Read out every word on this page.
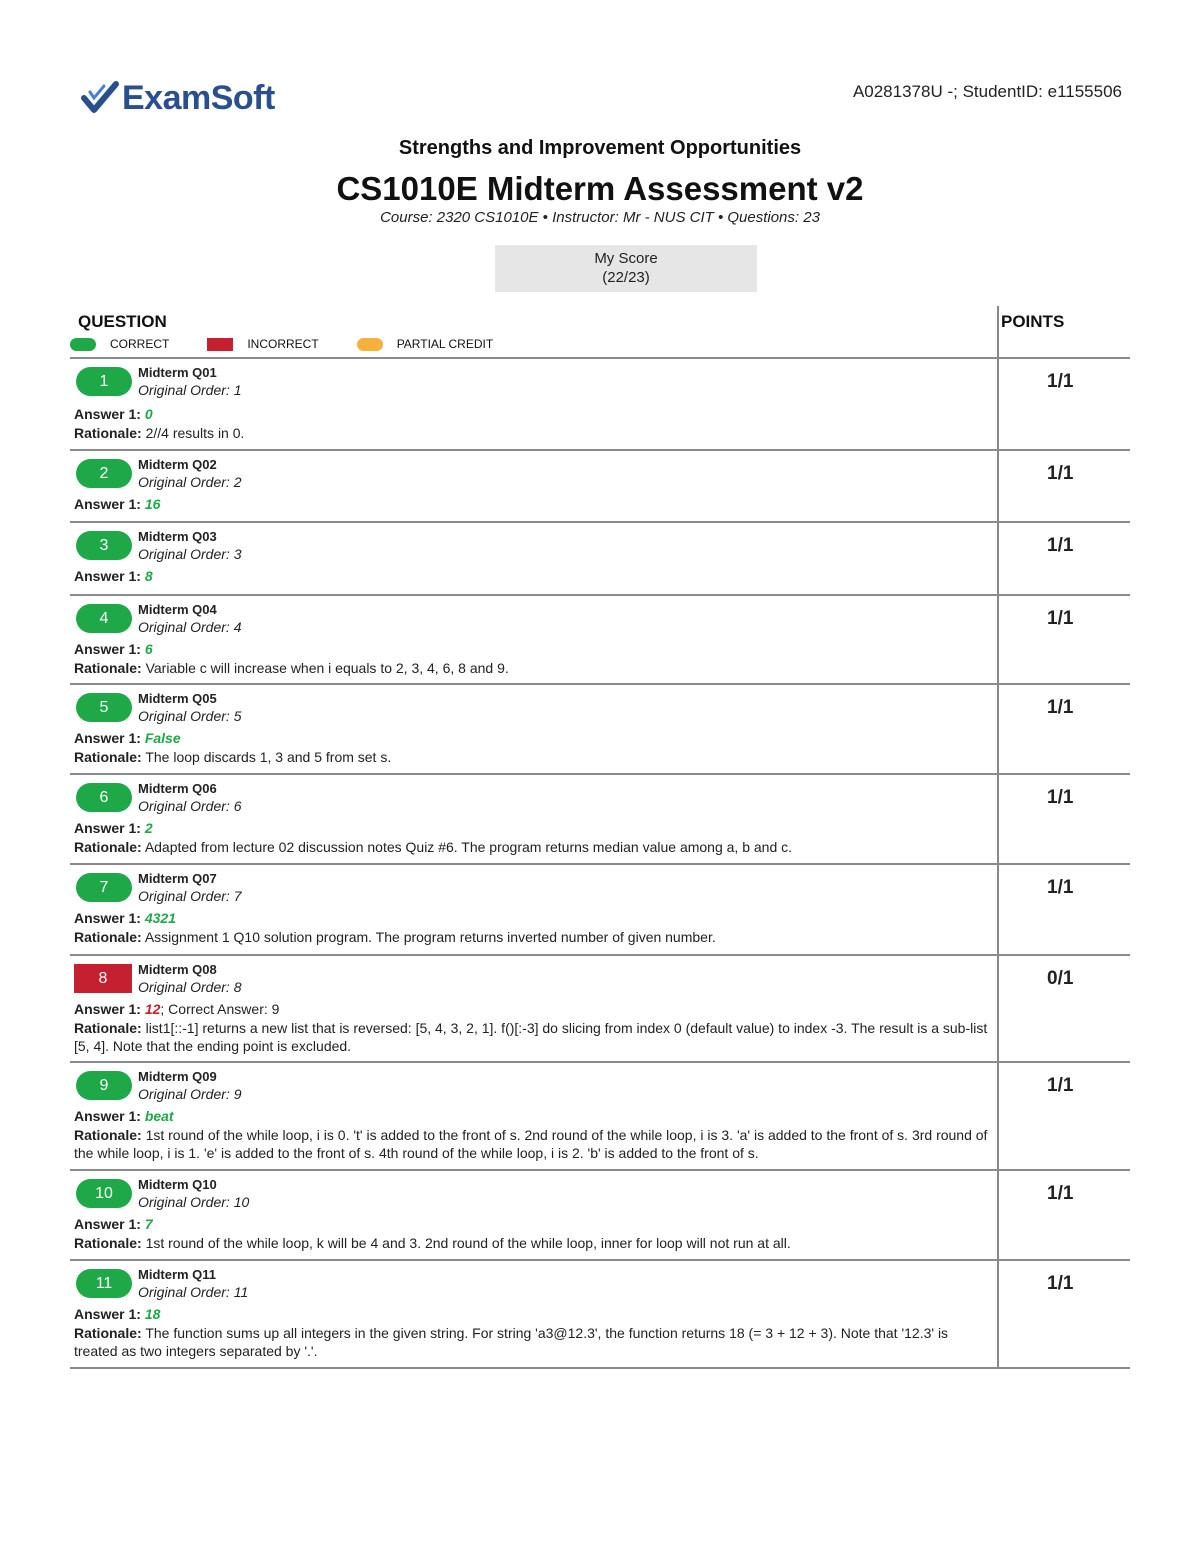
ExamSoft	A0281378U -; StudentID: e1155506
Strengths and Improvement Opportunities
CS1010E Midterm Assessment v2
Course: 2320 CS1010E • Instructor: Mr - NUS CIT • Questions: 23
My Score
(22/23)
QUESTION	POINTS
CORRECT	INCORRECT	PARTIAL CREDIT
1
Midterm Q01
Original Order: 1
Answer 1: 0
Rationale: 2//4 results in 0.
1/1
2
Midterm Q02
Original Order: 2
Answer 1: 16
1/1
3
Midterm Q03
Original Order: 3
Answer 1: 8
1/1
4
Midterm Q04
Original Order: 4
Answer 1: 6
Rationale: Variable c will increase when i equals to 2, 3, 4, 6, 8 and 9.
1/1
5
Midterm Q05
Original Order: 5
Answer 1: False
Rationale: The loop discards 1, 3 and 5 from set s.
1/1
6
Midterm Q06
Original Order: 6
Answer 1: 2
Rationale: Adapted from lecture 02 discussion notes Quiz #6. The program returns median value among a, b and c.
1/1
7
Midterm Q07
Original Order: 7
Answer 1: 4321
Rationale: Assignment 1 Q10 solution program. The program returns inverted number of given number.
1/1
8
Midterm Q08
Original Order: 8
Answer 1: 12; Correct Answer: 9
Rationale: list1[::-1] returns a new list that is reversed: [5, 4, 3, 2, 1]. f()[:-3] do slicing from index 0 (default value) to index -3. The result is a sub-list [5, 4]. Note that the ending point is excluded.
0/1
9
Midterm Q09
Original Order: 9
Answer 1: beat
Rationale: 1st round of the while loop, i is 0. 't' is added to the front of s. 2nd round of the while loop, i is 3. 'a' is added to the front of s. 3rd round of the while loop, i is 1. 'e' is added to the front of s. 4th round of the while loop, i is 2. 'b' is added to the front of s.
1/1
10
Midterm Q10
Original Order: 10
Answer 1: 7
Rationale: 1st round of the while loop, k will be 4 and 3. 2nd round of the while loop, inner for loop will not run at all.
1/1
11
Midterm Q11
Original Order: 11
Answer 1: 18
Rationale: The function sums up all integers in the given string. For string 'a3@12.3', the function returns 18 (= 3 + 12 + 3). Note that '12.3' is treated as two integers separated by '.'.
1/1
